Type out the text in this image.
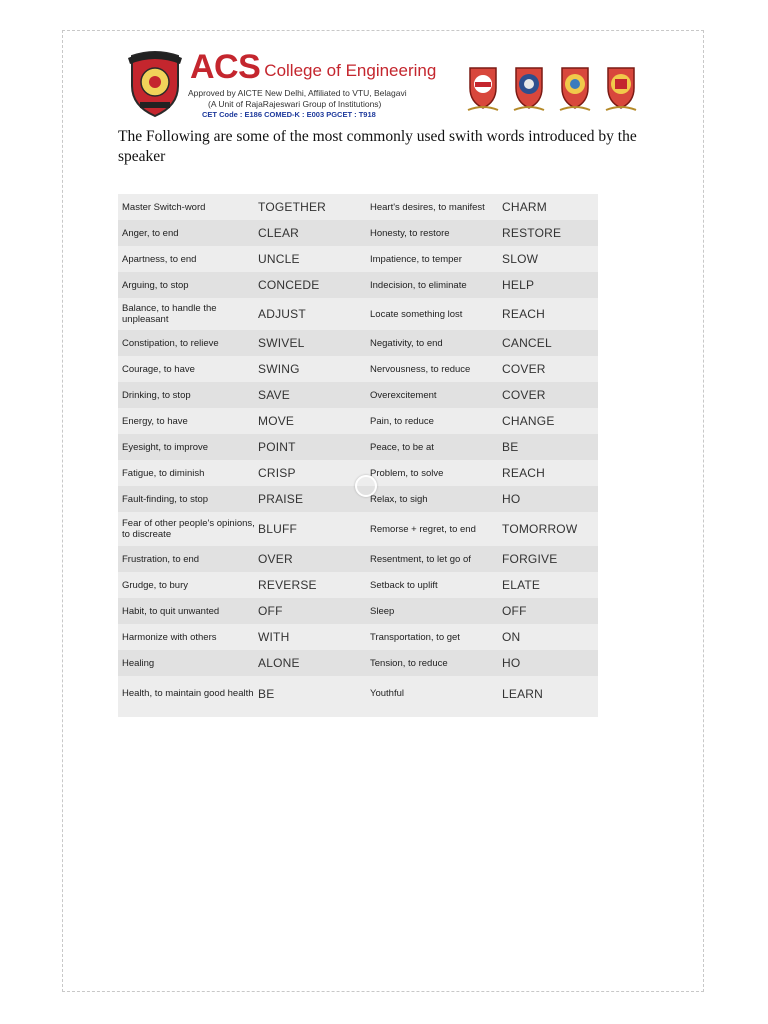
ACS College of Engineering
Approved by AICTE New Delhi, Affiliated to VTU, Belagavi
(A Unit of RajaRajeswari Group of Institutions)
CET Code : E186 COMED-K : E003 PGCET : T918
The Following are some of the most commonly used swith words introduced by the speaker
Master Switch-word	TOGETHER	Heart's desires, to manifest	CHARM
Anger, to end	CLEAR	Honesty, to restore	RESTORE
Apartness, to end	UNCLE	Impatience, to temper	SLOW
Arguing, to stop	CONCEDE	Indecision, to eliminate	HELP
Balance, to handle the unpleasant	ADJUST	Locate something lost	REACH
Constipation, to relieve	SWIVEL	Negativity, to end	CANCEL
Courage, to have	SWING	Nervousness, to reduce	COVER
Drinking, to stop	SAVE	Overexcitement	COVER
Energy, to have	MOVE	Pain, to reduce	CHANGE
Eyesight, to improve	POINT	Peace, to be at	BE
Fatigue, to diminish	CRISP	Problem, to solve	REACH
Fault-finding, to stop	PRAISE	Relax, to sigh	HO
Fear of other people's opinions, to discreate	BLUFF	Remorse + regret, to end	TOMORROW
Frustration, to end	OVER	Resentment, to let go of	FORGIVE
Grudge, to bury	REVERSE	Setback to uplift	ELATE
Habit, to quit unwanted	OFF	Sleep	OFF
Harmonize with others	WITH	Transportation, to get	ON
Healing	ALONE	Tension, to reduce	HO
Health, to maintain good health	BE	Youthful	LEARN
